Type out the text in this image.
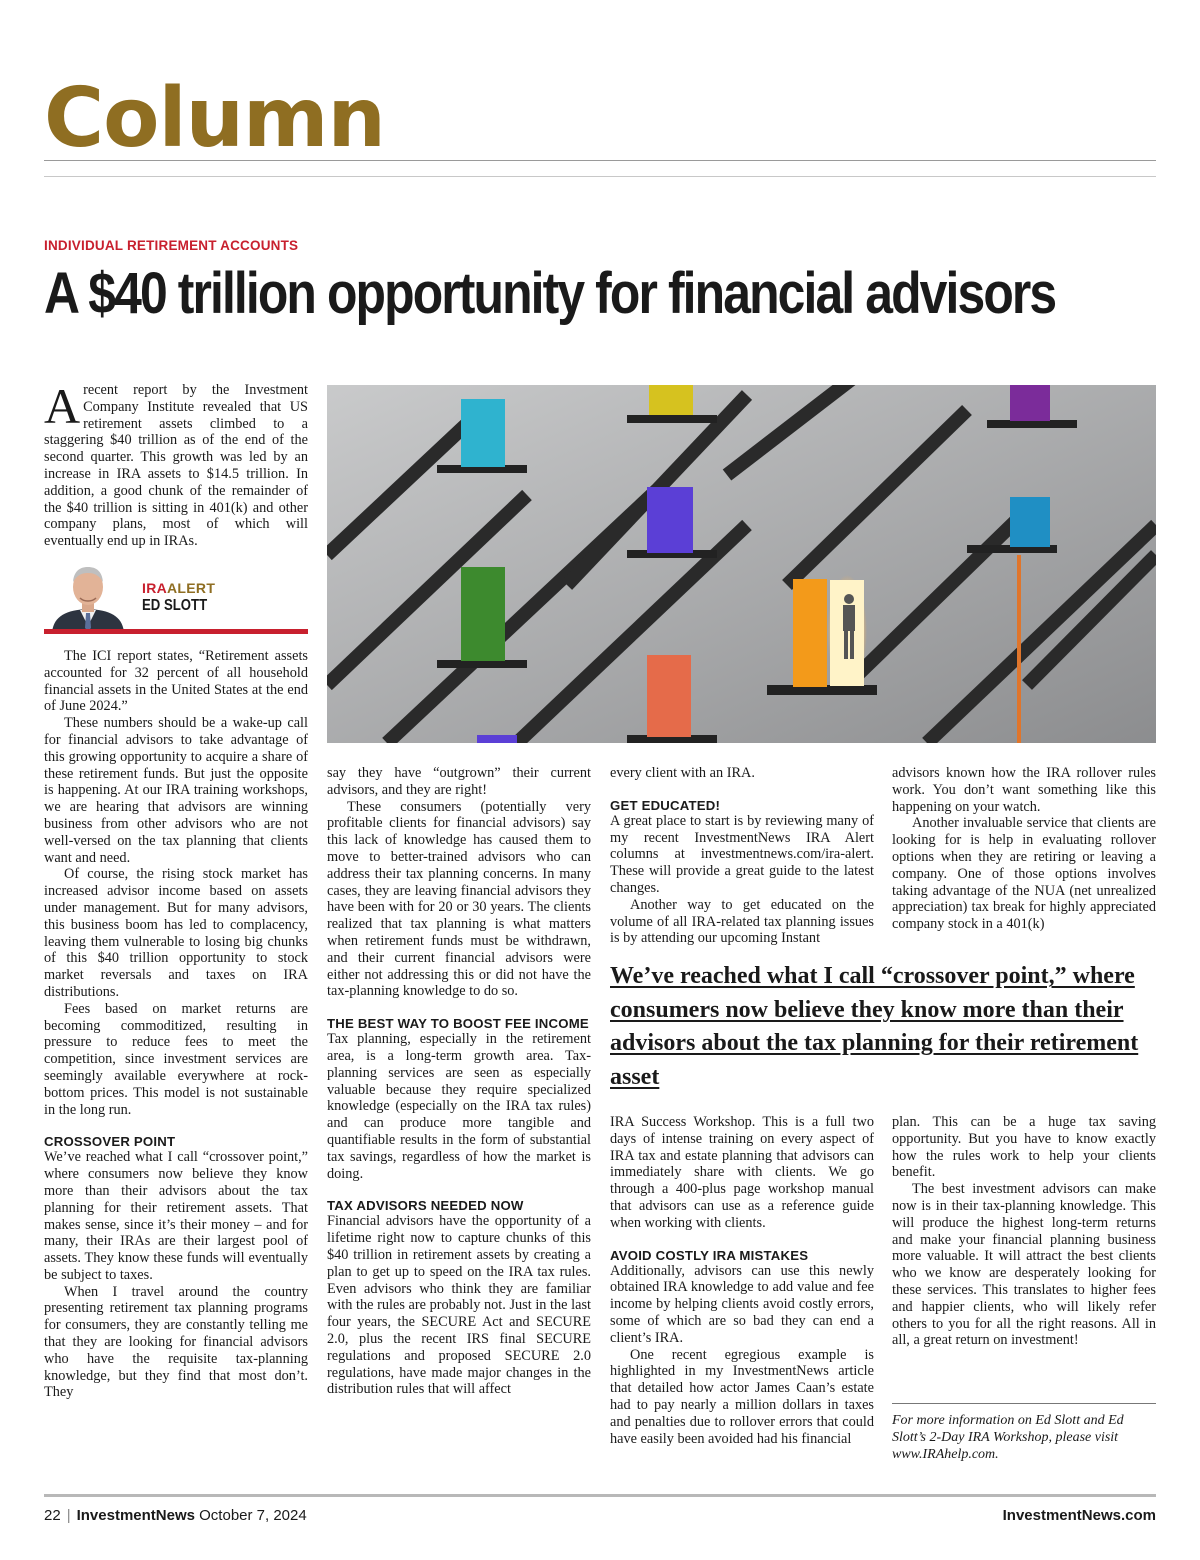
Column
INDIVIDUAL RETIREMENT ACCOUNTS
A $40 trillion opportunity for financial advisors
Arecent report by the Investment Company Institute revealed that US retirement assets climbed to a staggering $40 trillion as of the end of the second quarter. This growth was led by an increase in IRA assets to $14.5 trillion. In addition, a good chunk of the remainder of the $40 trillion is sitting in 401(k) and other company plans, most of which will eventually end up in IRAs.
IRAALERT
ED SLOTT

The ICI report states, “Retirement assets accounted for 32 percent of all household financial assets in the United States at the end of June 2024.”

These numbers should be a wake-up call for financial advisors to take advantage of this growing opportunity to acquire a share of these retirement funds. But just the opposite is happening. At our IRA training workshops, we are hearing that advisors are winning business from other advisors who are not well-versed on the tax planning that clients want and need.

Of course, the rising stock market has increased advisor income based on assets under management. But for many advisors, this business boom has led to complacency, leaving them vulnerable to losing big chunks of this $40 trillion opportunity to stock market reversals and taxes on IRA distributions.

Fees based on market returns are becoming commoditized, resulting in pressure to reduce fees to meet the competition, since investment services are seemingly available everywhere at rock-bottom prices. This model is not sustainable in the long run.

CROSSOVER POINT

We’ve reached what I call “crossover point,” where consumers now believe they know more than their advisors about the tax planning for their retirement assets. That makes sense, since it’s their money – and for many, their IRAs are their largest pool of assets. They know these funds will eventually be subject to taxes.

When I travel around the country presenting retirement tax planning programs for consumers, they are constantly telling me that they are looking for financial advisors who have the requisite tax-planning knowledge, but they find that most don’t. They

say they have “outgrown” their current advisors, and they are right!

These consumers (potentially very profitable clients for financial advisors) say this lack of knowledge has caused them to move to better-trained advisors who can address their tax planning concerns. In many cases, they are leaving financial advisors they have been with for 20 or 30 years. The clients realized that tax planning is what matters when retirement funds must be withdrawn, and their current financial advisors were either not addressing this or did not have the tax-planning knowledge to do so.

THE BEST WAY TO BOOST FEE INCOME

Tax planning, especially in the retirement area, is a long-term growth area. Tax-planning services are seen as especially valuable because they require specialized knowledge (especially on the IRA tax rules) and can produce more tangible and quantifiable results in the form of substantial tax savings, regardless of how the market is doing.

TAX ADVISORS NEEDED NOW

Financial advisors have the opportunity of a lifetime right now to capture chunks of this $40 trillion in retirement assets by creating a plan to get up to speed on the IRA tax rules. Even advisors who think they are familiar with the rules are probably not. Just in the last four years, the SECURE Act and SECURE 2.0, plus the recent IRS final SECURE regulations and proposed SECURE 2.0 regulations, have made major changes in the distribution rules that will affect

every client with an IRA.

GET EDUCATED!

A great place to start is by reviewing many of my recent InvestmentNews IRA Alert columns at investmentnews.com/ira-alert. These will provide a great guide to the latest changes.

Another way to get educated on the volume of all IRA-related tax planning issues is by attending our upcoming Instant

advisors known how the IRA rollover rules work. You don’t want something like this happening on your watch.

Another invaluable service that clients are looking for is help in evaluating rollover options when they are retiring or leaving a company. One of those options involves taking advantage of the NUA (net unrealized appreciation) tax break for highly appreciated company stock in a 401(k)

We’ve reached what I call “crossover point,” where consumers now believe they know more than their advisors about the tax planning for their retirement asset

IRA Success Workshop. This is a full two days of intense training on every aspect of IRA tax and estate planning that advisors can immediately share with clients. We go through a 400-plus page workshop manual that advisors can use as a reference guide when working with clients.

AVOID COSTLY IRA MISTAKES

Additionally, advisors can use this newly obtained IRA knowledge to add value and fee income by helping clients avoid costly errors, some of which are so bad they can end a client’s IRA.

One recent egregious example is highlighted in my InvestmentNews article that detailed how actor James Caan’s estate had to pay nearly a million dollars in taxes and penalties due to rollover errors that could have easily been avoided had his financial

plan. This can be a huge tax saving opportunity. But you have to know exactly how the rules work to help your clients benefit.

The best investment advisors can make now is in their tax-planning knowledge. This will produce the highest long-term returns and make your financial planning business more valuable. It will attract the best clients who we know are desperately looking for these services. This translates to higher fees and happier clients, who will likely refer others to you for all the right reasons. All in all, a great return on investment!

For more information on Ed Slott and Ed Slott’s 2-Day IRA Workshop, please visit www.IRAhelp.com.
22 | InvestmentNews October 7, 2024	InvestmentNews.com
